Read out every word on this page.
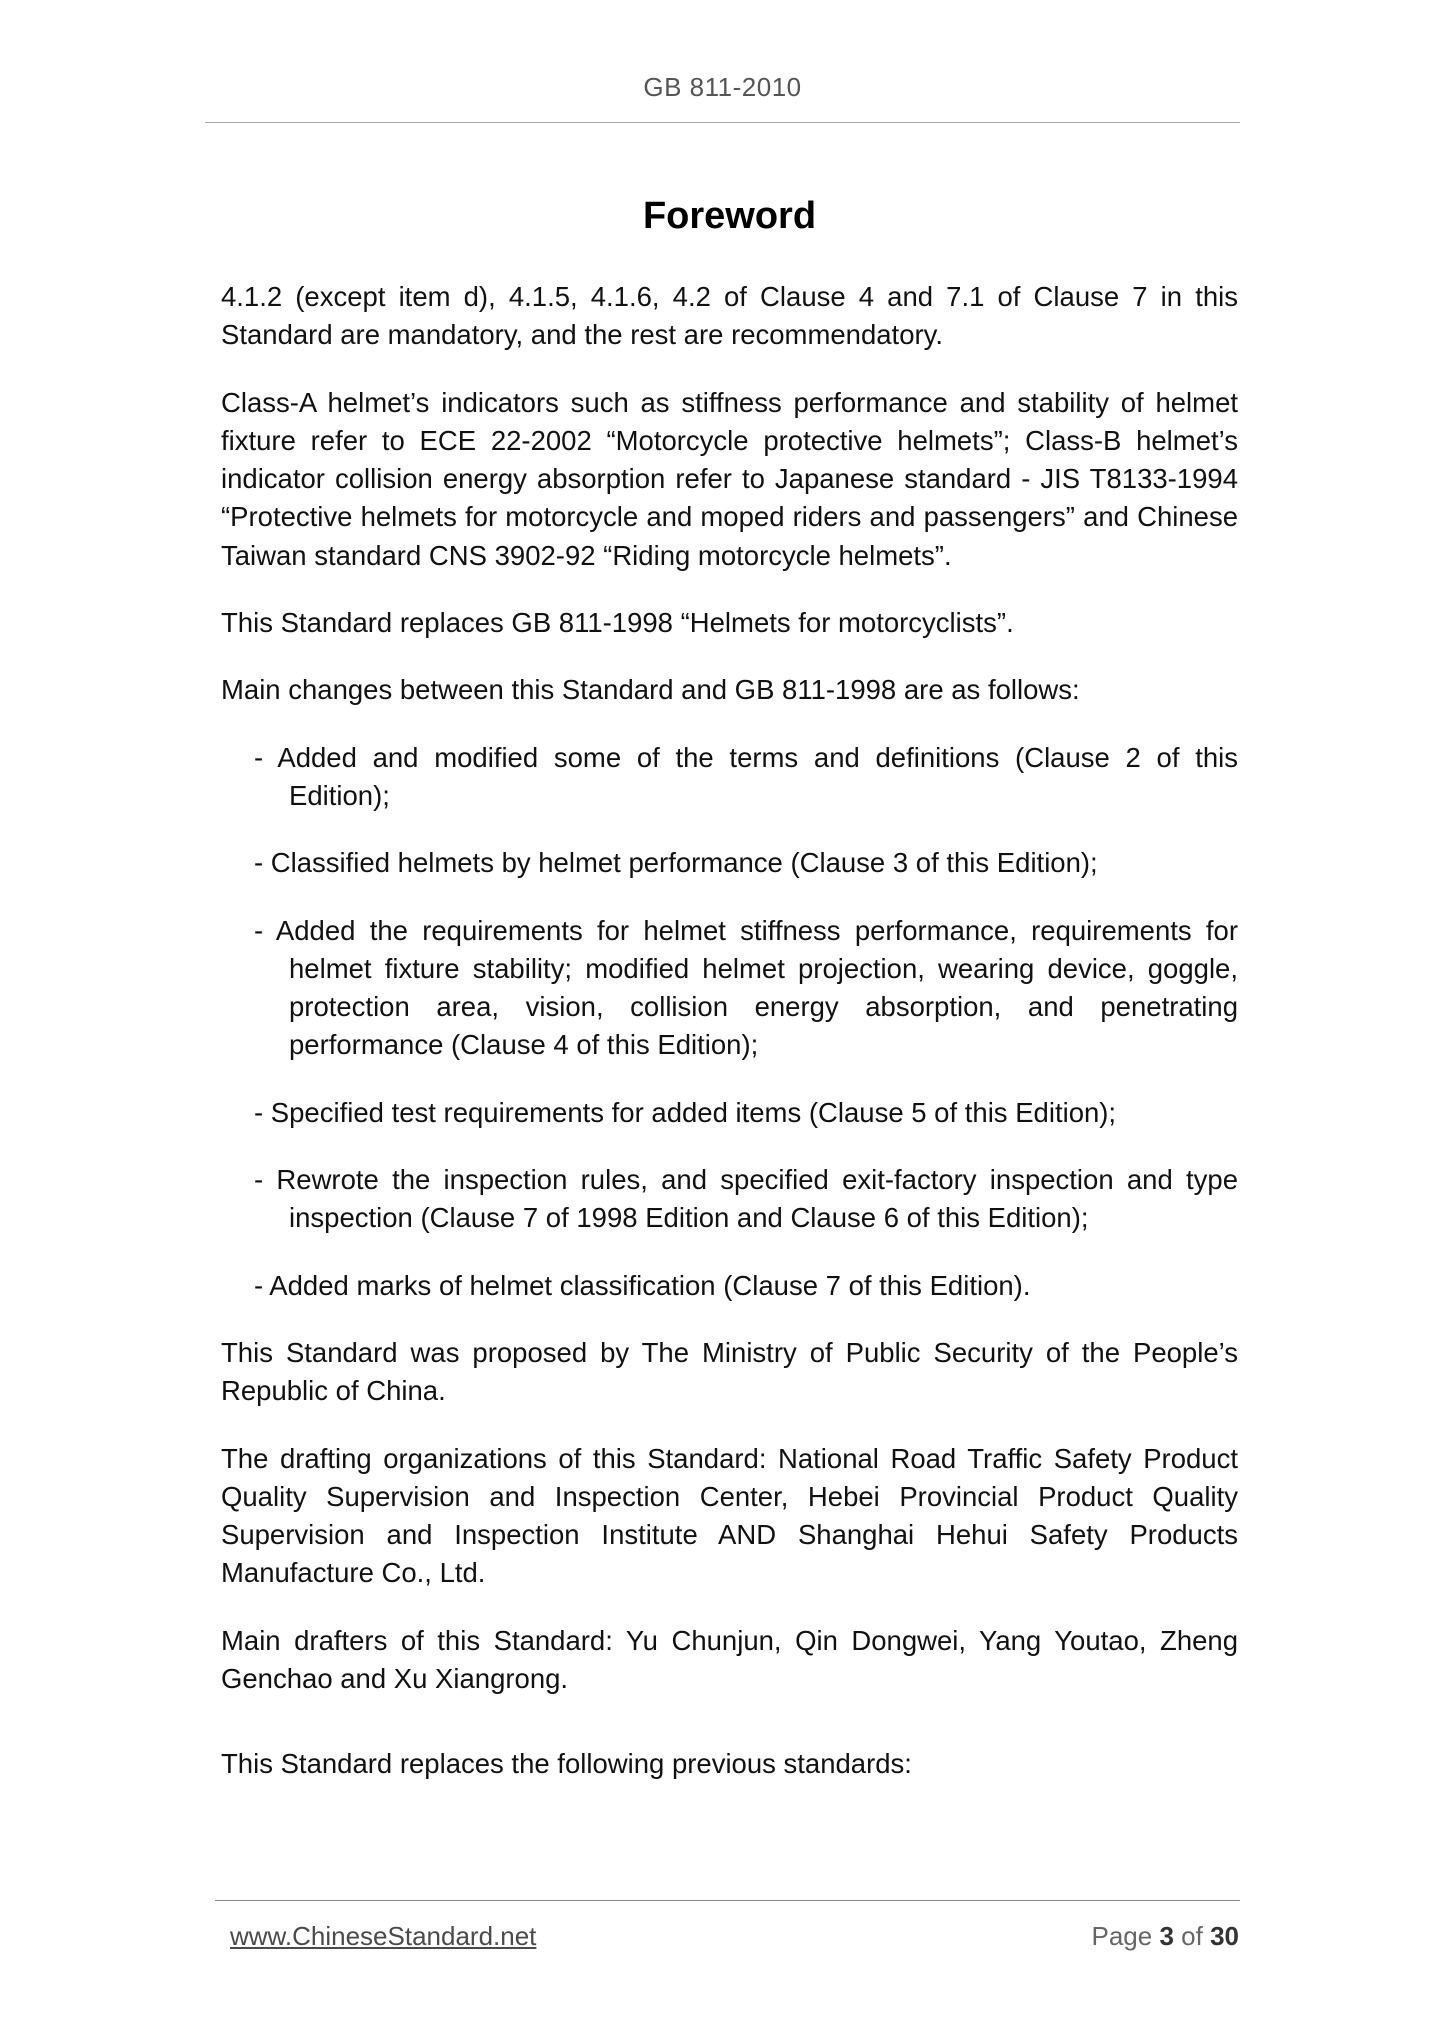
GB 811-2010
Foreword

4.1.2 (except item d), 4.1.5, 4.1.6, 4.2 of Clause 4 and 7.1 of Clause 7 in this Standard are mandatory, and the rest are recommendatory.

Class-A helmet’s indicators such as stiffness performance and stability of helmet fixture refer to ECE 22-2002 “Motorcycle protective helmets”; Class-B helmet’s indicator collision energy absorption refer to Japanese standard - JIS T8133-1994 “Protective helmets for motorcycle and moped riders and passengers” and Chinese Taiwan standard CNS 3902-92 “Riding motorcycle helmets”.

This Standard replaces GB 811-1998 “Helmets for motorcyclists”.

Main changes between this Standard and GB 811-1998 are as follows:

- Added and modified some of the terms and definitions (Clause 2 of this Edition);
- Classified helmets by helmet performance (Clause 3 of this Edition);
- Added the requirements for helmet stiffness performance, requirements for helmet fixture stability; modified helmet projection, wearing device, goggle, protection area, vision, collision energy absorption, and penetrating performance (Clause 4 of this Edition);
- Specified test requirements for added items (Clause 5 of this Edition);
- Rewrote the inspection rules, and specified exit-factory inspection and type inspection (Clause 7 of 1998 Edition and Clause 6 of this Edition);
- Added marks of helmet classification (Clause 7 of this Edition).

This Standard was proposed by The Ministry of Public Security of the People’s Republic of China.

The drafting organizations of this Standard: National Road Traffic Safety Product Quality Supervision and Inspection Center, Hebei Provincial Product Quality Supervision and Inspection Institute AND Shanghai Hehui Safety Products Manufacture Co., Ltd.

Main drafters of this Standard: Yu Chunjun, Qin Dongwei, Yang Youtao, Zheng Genchao and Xu Xiangrong.

This Standard replaces the following previous standards:

www.ChineseStandard.net	Page 3 of 30
